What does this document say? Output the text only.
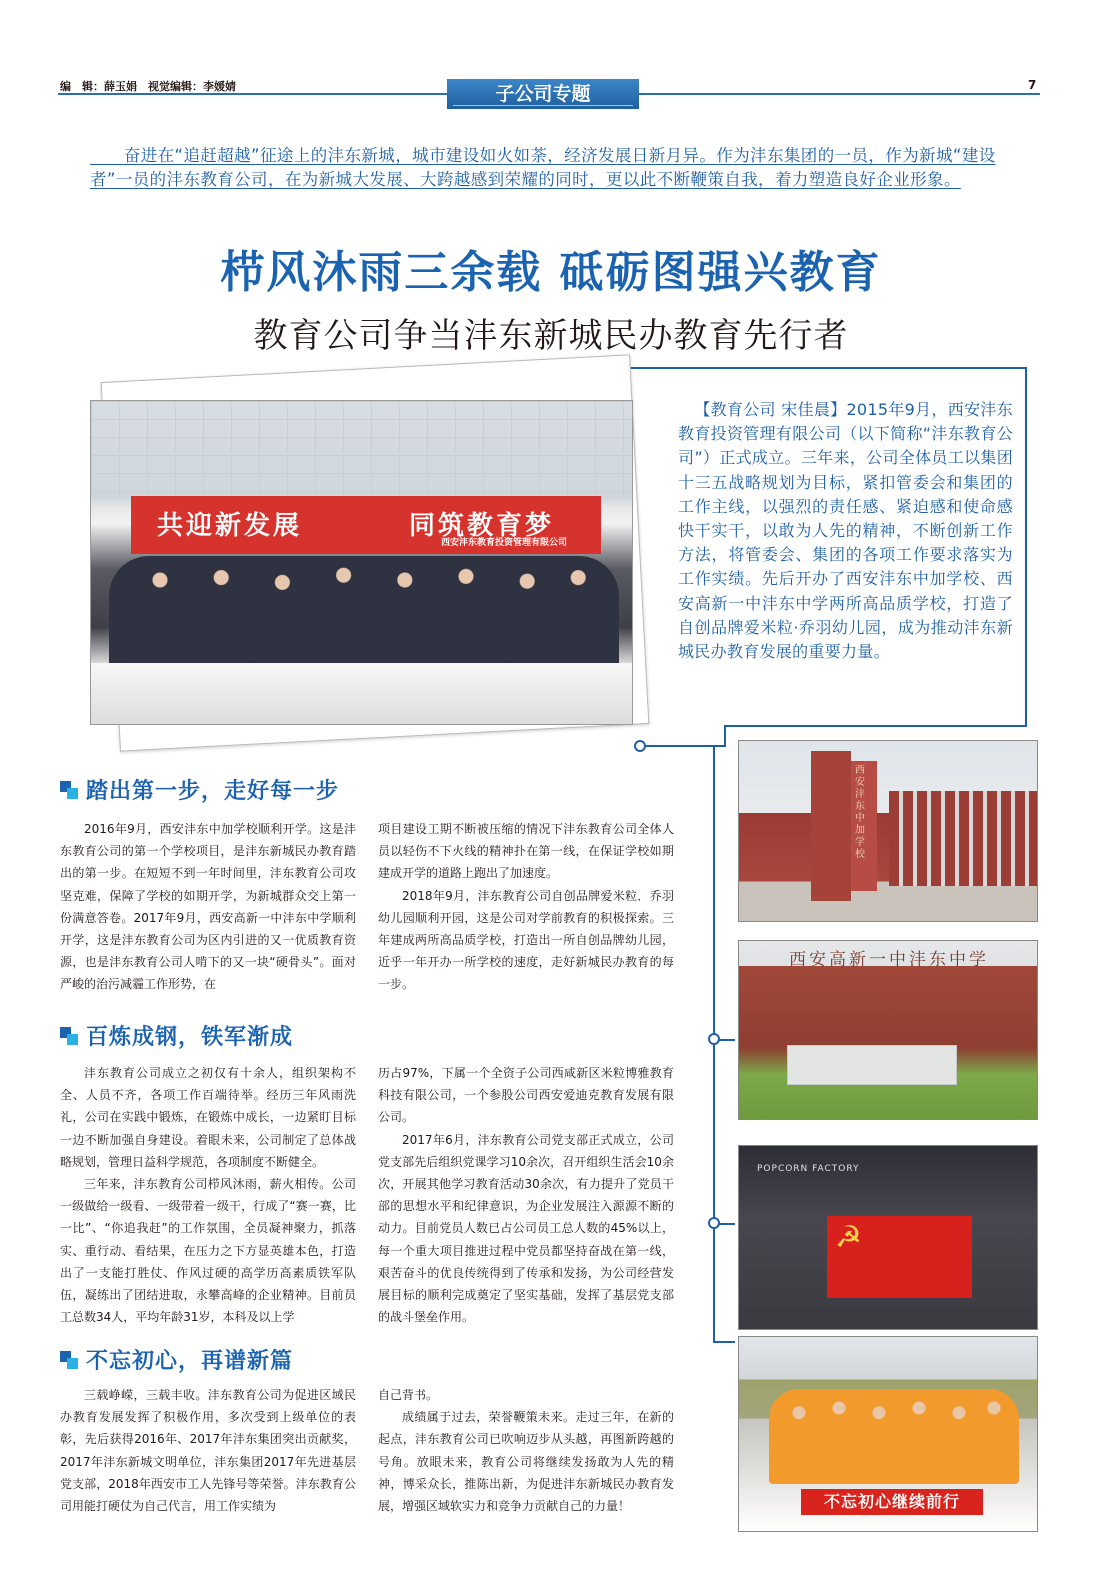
编　辑：薛玉娟　视觉编辑：李媛婧	子公司专题	7
  奋进在“追赶超越”征途上的沣东新城，城市建设如火如荼，经济发展日新月异。作为沣东集团的一员，作为新城“建设者”一员的沣东教育公司，在为新城大发展、大跨越感到荣耀的同时，更以此不断鞭策自我，着力塑造良好企业形象。
栉风沐雨三余载 砥砺图强兴教育
教育公司争当沣东新城民办教育先行者
共迎新发展	同筑教育梦
西安沣东教育投资管理有限公司
 【教育公司 宋佳晨】2015年9月，西安沣东教育投资管理有限公司（以下简称“沣东教育公司”）正式成立。三年来，公司全体员工以集团十三五战略规划为目标，紧扣管委会和集团的工作主线，以强烈的责任感、紧迫感和使命感快干实干，以敢为人先的精神，不断创新工作方法，将管委会、集团的各项工作要求落实为工作实绩。先后开办了西安沣东中加学校、西安高新一中沣东中学两所高品质学校，打造了自创品牌爱米粒·乔羽幼儿园，成为推动沣东新城民办教育发展的重要力量。
踏出第一步，走好每一步

2016年9月，西安沣东中加学校顺利开学。这是沣东教育公司的第一个学校项目，是沣东新城民办教育踏出的第一步。在短短不到一年时间里，沣东教育公司攻坚克难，保障了学校的如期开学，为新城群众交上第一份满意答卷。2017年9月，西安高新一中沣东中学顺利开学，这是沣东教育公司为区内引进的又一优质教育资源，也是沣东教育公司人啃下的又一块“硬骨头”。面对严峻的治污减霾工作形势，在

项目建设工期不断被压缩的情况下沣东教育公司全体人员以轻伤不下火线的精神扑在第一线，在保证学校如期建成开学的道路上跑出了加速度。

2018年9月，沣东教育公司自创品牌爱米粒．乔羽幼儿园顺利开园，这是公司对学前教育的积极探索。三年建成两所高品质学校，打造出一所自创品牌幼儿园，近乎一年开办一所学校的速度，走好新城民办教育的每一步。

百炼成钢，铁军渐成

沣东教育公司成立之初仅有十余人，组织架构不全、人员不齐，各项工作百端待举。经历三年风雨洗礼，公司在实践中锻炼，在锻炼中成长，一边紧盯目标一边不断加强自身建设。着眼未来，公司制定了总体战略规划，管理日益科学规范，各项制度不断健全。

三年来，沣东教育公司栉风沐雨，薪火相传。公司一级做给一级看、一级带着一级干，行成了“赛一赛，比一比”、“你追我赶”的工作氛围，全员凝神聚力，抓落实、重行动、看结果，在压力之下方显英雄本色，打造出了一支能打胜仗、作风过硬的高学历高素质铁军队伍，凝练出了团结进取，永攀高峰的企业精神。目前员工总数34人，平均年龄31岁，本科及以上学

历占97%，下属一个全资子公司西咸新区米粒博雅教育科技有限公司，一个参股公司西安爱迪克教育发展有限公司。

2017年6月，沣东教育公司党支部正式成立，公司党支部先后组织党课学习10余次，召开组织生活会10余次，开展其他学习教育活动30余次，有力提升了党员干部的思想水平和纪律意识，为企业发展注入源源不断的动力。目前党员人数已占公司员工总人数的45%以上，每一个重大项目推进过程中党员都坚持奋战在第一线，艰苦奋斗的优良传统得到了传承和发扬，为公司经营发展目标的顺利完成奠定了坚实基础，发挥了基层党支部的战斗堡垒作用。

不忘初心，再谱新篇

三载峥嵘，三载丰收。沣东教育公司为促进区域民办教育发展发挥了积极作用，多次受到上级单位的表彰，先后获得2016年、2017年沣东集团突出贡献奖，2017年沣东新城文明单位，沣东集团2017年先进基层党支部，2018年西安市工人先锋号等荣誉。沣东教育公司用能打硬仗为自己代言，用工作实绩为

自己背书。

成绩属于过去，荣誉鞭策未来。走过三年，在新的起点，沣东教育公司已吹响迈步从头越，再图新跨越的号角。放眼未来，教育公司将继续发扬敢为人先的精神，博采众长，推陈出新，为促进沣东新城民办教育发展，增强区域软实力和竞争力贡献自己的力量！

西安沣东中加学校
西安高新一中沣东中学
POPCORN FACTORY
☭
不忘初心继续前行
